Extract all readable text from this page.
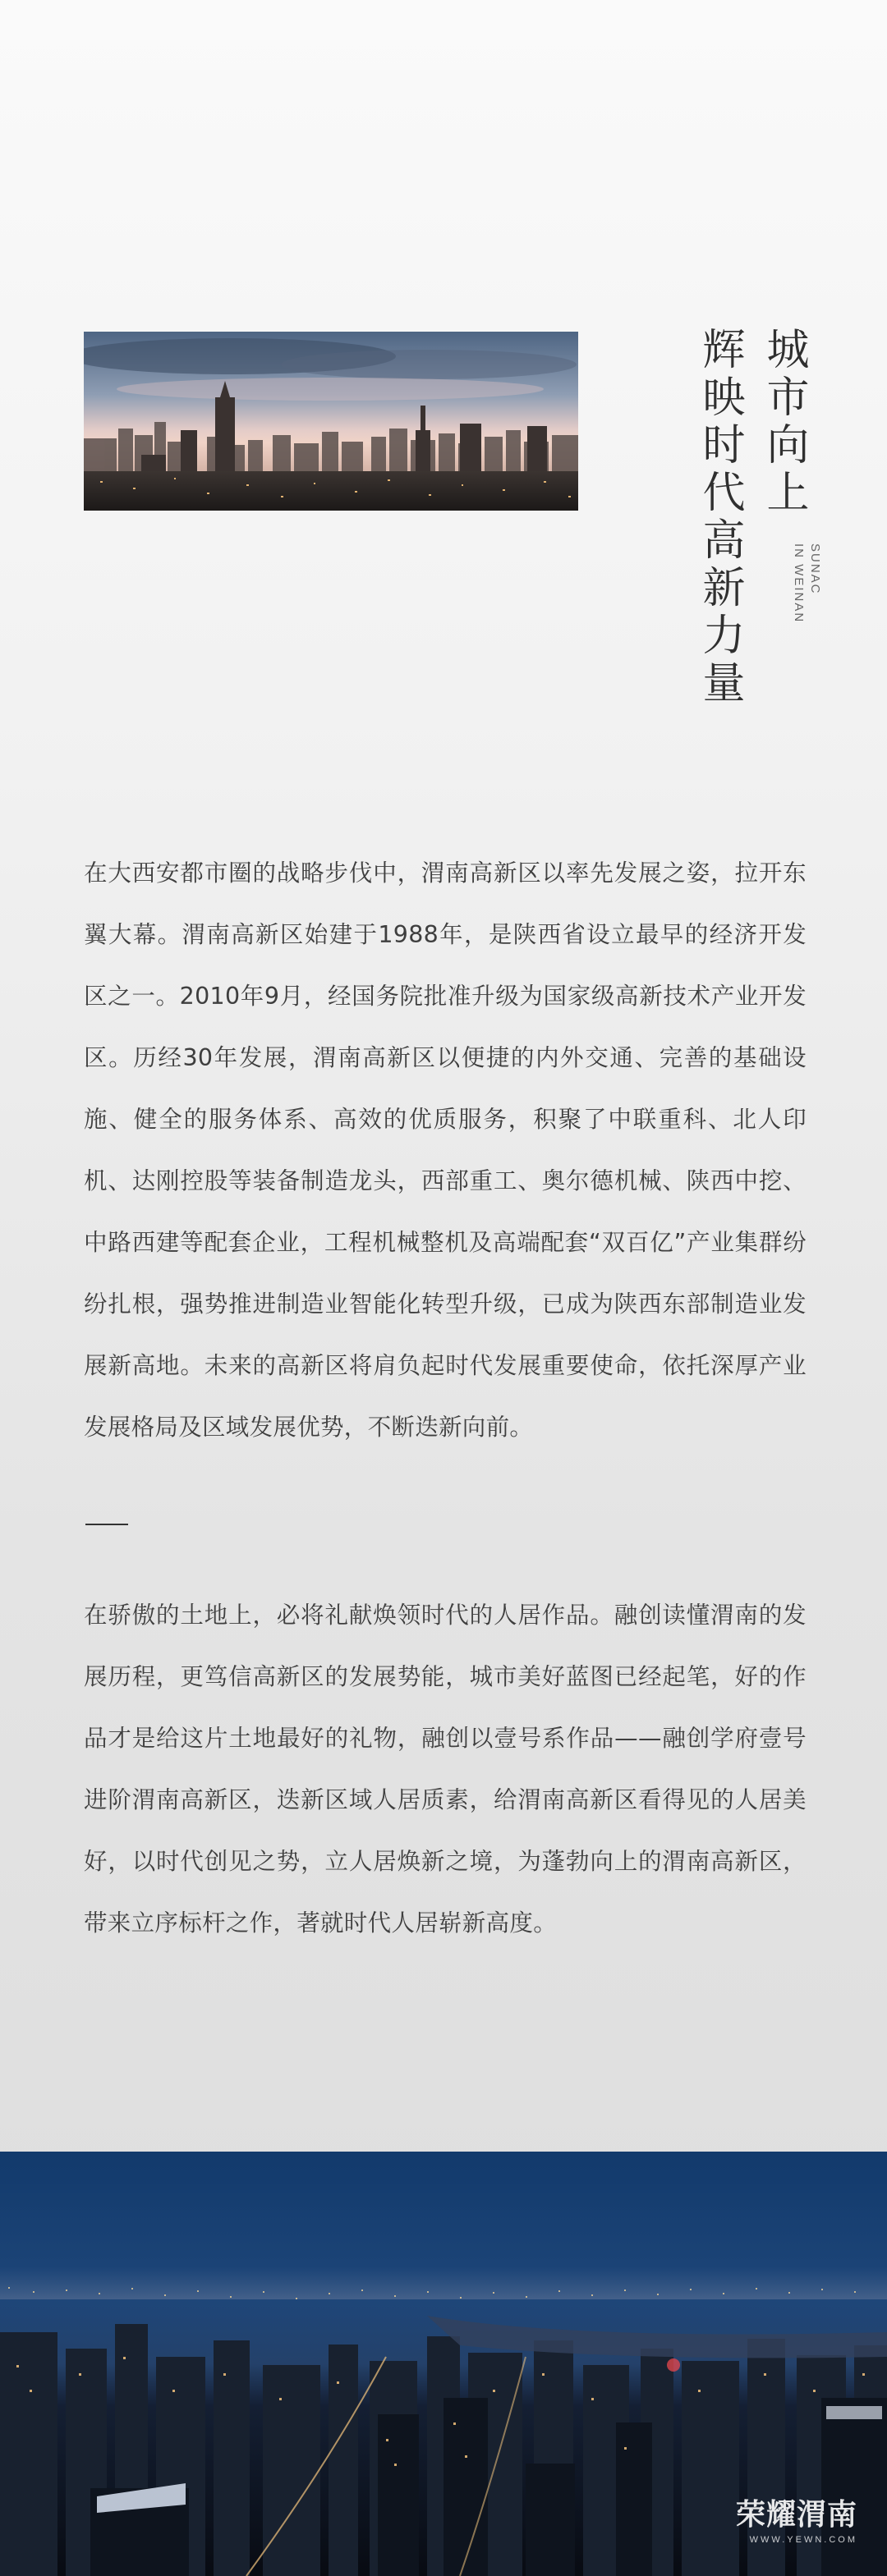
城市向上
辉映时代高新力量	SUNAC
IN WEINAN
在大西安都市圈的战略步伐中，渭南高新区以率先发展之姿，拉开东翼大幕。渭南高新区始建于1988年，是陕西省设立最早的经济开发区之一。2010年9月，经国务院批准升级为国家级高新技术产业开发区。历经30年发展，渭南高新区以便捷的内外交通、完善的基础设施、健全的服务体系、高效的优质服务，积聚了中联重科、北人印机、达刚控股等装备制造龙头，西部重工、奥尔德机械、陕西中挖、中路西建等配套企业，工程机械整机及高端配套“双百亿”产业集群纷纷扎根，强势推进制造业智能化转型升级，已成为陕西东部制造业发展新高地。未来的高新区将肩负起时代发展重要使命，依托深厚产业发展格局及区域发展优势，不断迭新向前。
在骄傲的土地上，必将礼献焕领时代的人居作品。融创读懂渭南的发展历程，更笃信高新区的发展势能，城市美好蓝图已经起笔，好的作品才是给这片土地最好的礼物，融创以壹号系作品——融创学府壹号进阶渭南高新区，迭新区域人居质素，给渭南高新区看得见的人居美好，以时代创见之势，立人居焕新之境，为蓬勃向上的渭南高新区，带来立序标杆之作，著就时代人居崭新高度。
荣耀渭南
WWW.YEWN.COM
